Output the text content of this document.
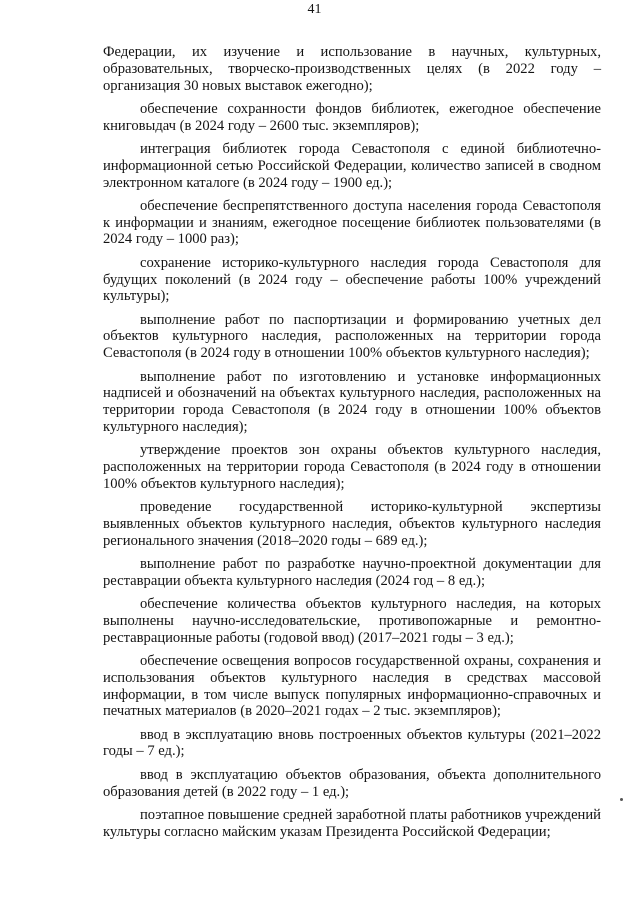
41

Федерации, их изучение и использование в научных, культурных, образовательных, творческо-производственных целях (в 2022 году – организация 30 новых выставок ежегодно);

обеспечение сохранности фондов библиотек, ежегодное обеспечение книговыдач (в 2024 году – 2600 тыс. экземпляров);

интеграция библиотек города Севастополя с единой библиотечно-информационной сетью Российской Федерации, количество записей в сводном электронном каталоге (в 2024 году – 1900 ед.);

обеспечение беспрепятственного доступа населения города Севастополя к информации и знаниям, ежегодное посещение библиотек пользователями (в 2024 году – 1000 раз);

сохранение историко-культурного наследия города Севастополя для будущих поколений (в 2024 году – обеспечение работы 100% учреждений культуры);

выполнение работ по паспортизации и формированию учетных дел объектов культурного наследия, расположенных на территории города Севастополя (в 2024 году в отношении 100% объектов культурного наследия);

выполнение работ по изготовлению и установке информационных надписей и обозначений на объектах культурного наследия, расположенных на территории города Севастополя (в 2024 году в отношении 100% объектов культурного наследия);

утверждение проектов зон охраны объектов культурного наследия, расположенных на территории города Севастополя (в 2024 году в отношении 100% объектов культурного наследия);

проведение государственной историко-культурной экспертизы выявленных объектов культурного наследия, объектов культурного наследия регионального значения (2018–2020 годы – 689 ед.);

выполнение работ по разработке научно-проектной документации для реставрации объекта культурного наследия (2024 год – 8 ед.);

обеспечение количества объектов культурного наследия, на которых выполнены научно-исследовательские, противопожарные и ремонтно-реставрационные работы (годовой ввод) (2017–2021 годы – 3 ед.);

обеспечение освещения вопросов государственной охраны, сохранения и использования объектов культурного наследия в средствах массовой информации, в том числе выпуск популярных информационно-справочных и печатных материалов (в 2020–2021 годах – 2 тыс. экземпляров);

ввод в эксплуатацию вновь построенных объектов культуры (2021–2022 годы – 7 ед.);

ввод в эксплуатацию объектов образования, объекта дополнительного образования детей (в 2022 году – 1 ед.);

поэтапное повышение средней заработной платы работников учреждений культуры согласно майским указам Президента Российской Федерации;
